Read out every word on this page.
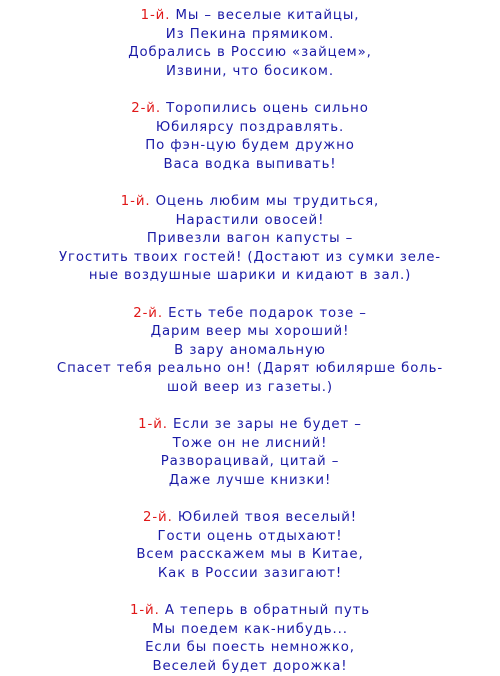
1-й. Мы – веселые китайцы,
Из Пекина прямиком.
Добрались в Россию «зайцем»,
Извини, что босиком.
2-й. Торопились оцень сильно
Юбилярсу поздравлять.
По фэн-цую будем дружно
Васа водка выпивать!
1-й. Оцень любим мы трудиться,
Нарастили овосей!
Привезли вагон капусты –
Угостить твоих гостей! (Достают из сумки зеле-
ные воздушные шарики и кидают в зал.)
2-й. Есть тебе подарок тозе –
Дарим веер мы хороший!
В зару аномальную
Спасет тебя реально он! (Дарят юбилярше боль-
шой веер из газеты.)
1-й. Если зе зары не будет –
Тоже он не лисний!
Разворацивай, цитай –
Даже лучше книзки!
2-й. Юбилей твоя веселый!
Гости оцень отдыхают!
Всем расскажем мы в Китае,
Как в России зазигают!
1-й. А теперь в обратный путь
Мы поедем как-нибудь...
Если бы поесть немножко,
Веселей будет дорожка!
